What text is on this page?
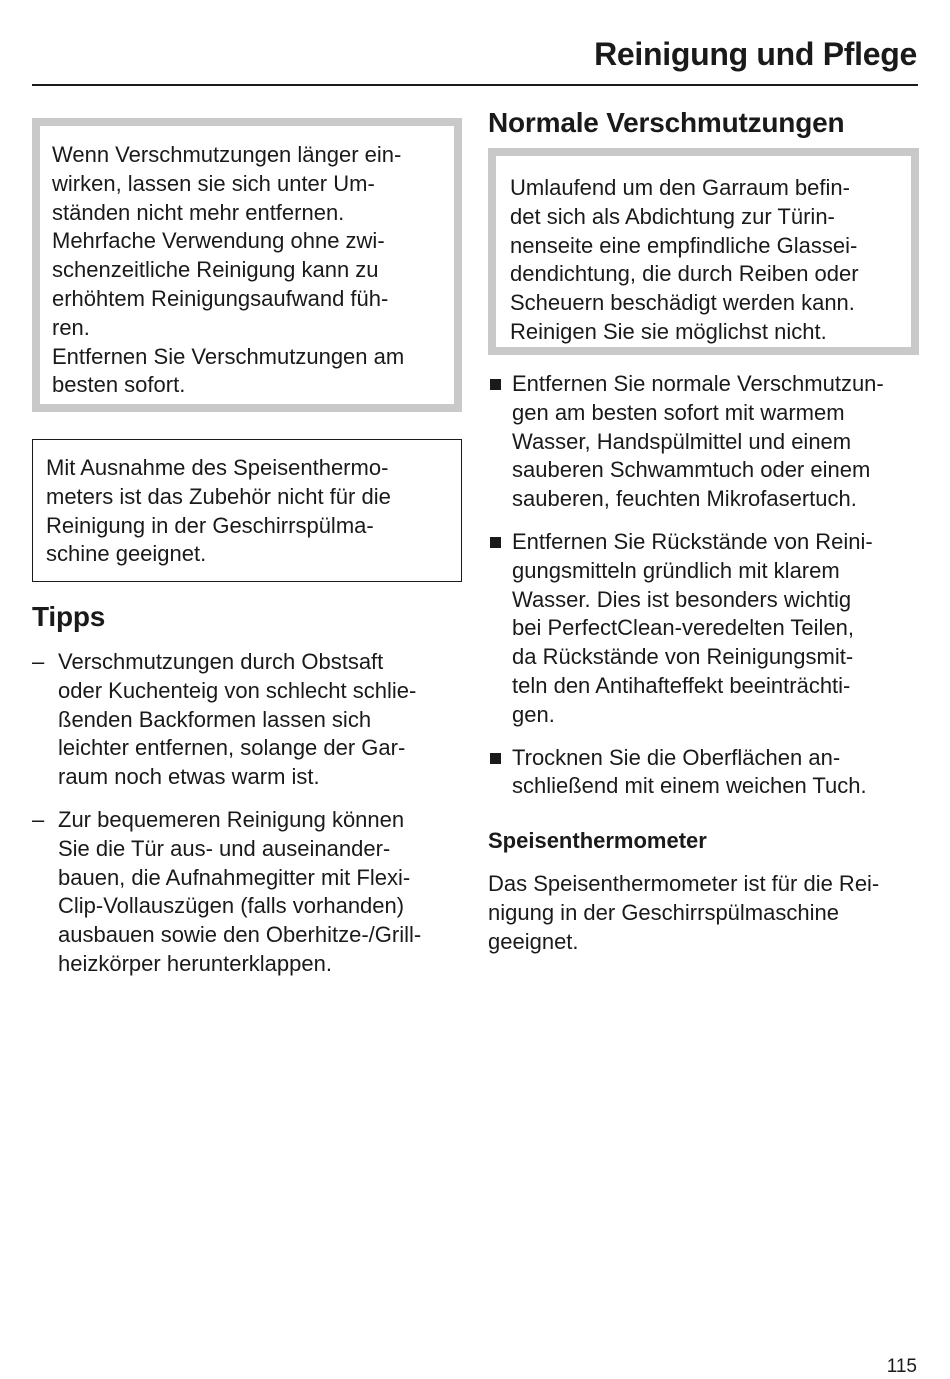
Reinigung und Pflege
Wenn Verschmutzungen länger ein-
wirken, lassen sie sich unter Um-
ständen nicht mehr entfernen.
Mehrfache Verwendung ohne zwi-
schenzeitliche Reinigung kann zu
erhöhtem Reinigungsaufwand füh-
ren.
Entfernen Sie Verschmutzungen am
besten sofort.
Mit Ausnahme des Speisenthermo-
meters ist das Zubehör nicht für die
Reinigung in der Geschirrspülma-
schine geeignet.
Tipps
– Verschmutzungen durch Obstsaft
oder Kuchenteig von schlecht schlie-
ßenden Backformen lassen sich
leichter entfernen, solange der Gar-
raum noch etwas warm ist.
– Zur bequemeren Reinigung können
Sie die Tür aus- und auseinander-
bauen, die Aufnahmegitter mit Flexi-
Clip-Vollauszügen (falls vorhanden)
ausbauen sowie den Oberhitze-/Grill-
heizkörper herunterklappen.
Normale Verschmutzungen
Umlaufend um den Garraum befin-
det sich als Abdichtung zur Türin-
nenseite eine empfindliche Glassei-
dendichtung, die durch Reiben oder
Scheuern beschädigt werden kann.
Reinigen Sie sie möglichst nicht.
Entfernen Sie normale Verschmutzun-
gen am besten sofort mit warmem
Wasser, Handspülmittel und einem
sauberen Schwammtuch oder einem
sauberen, feuchten Mikrofasertuch.
Entfernen Sie Rückstände von Reini-
gungsmitteln gründlich mit klarem
Wasser. Dies ist besonders wichtig
bei PerfectClean-veredelten Teilen,
da Rückstände von Reinigungsmit-
teln den Antihafteffekt beeinträchti-
gen.
Trocknen Sie die Oberflächen an-
schließend mit einem weichen Tuch.
Speisenthermometer

Das Speisenthermometer ist für die Rei-
nigung in der Geschirrspülmaschine
geeignet.

115
